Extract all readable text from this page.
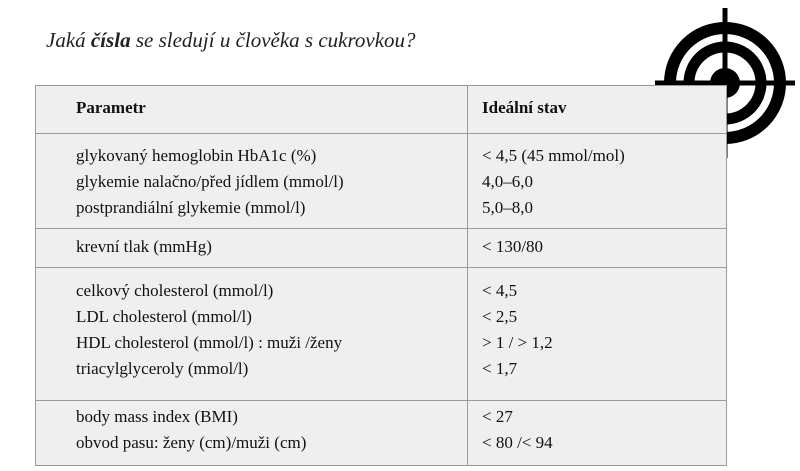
Jaká čísla se sledují u člověka s cukrovkou?
Parametr	Ideální stav
glykovaný hemoglobin HbA1c (%)
glykemie nalačno/před jídlem (mmol/l)
postprandiální glykemie (mmol/l)
< 4,5 (45 mmol/mol)
4,0–6,0
5,0–8,0
krevní tlak (mmHg)	< 130/80
celkový cholesterol (mmol/l)
LDL cholesterol (mmol/l)
HDL cholesterol (mmol/l) : muži /ženy
triacylglyceroly (mmol/l)
< 4,5
< 2,5
> 1 / > 1,2
< 1,7
body mass index (BMI)
obvod pasu: ženy (cm)/muži (cm)
< 27
< 80 /< 94
